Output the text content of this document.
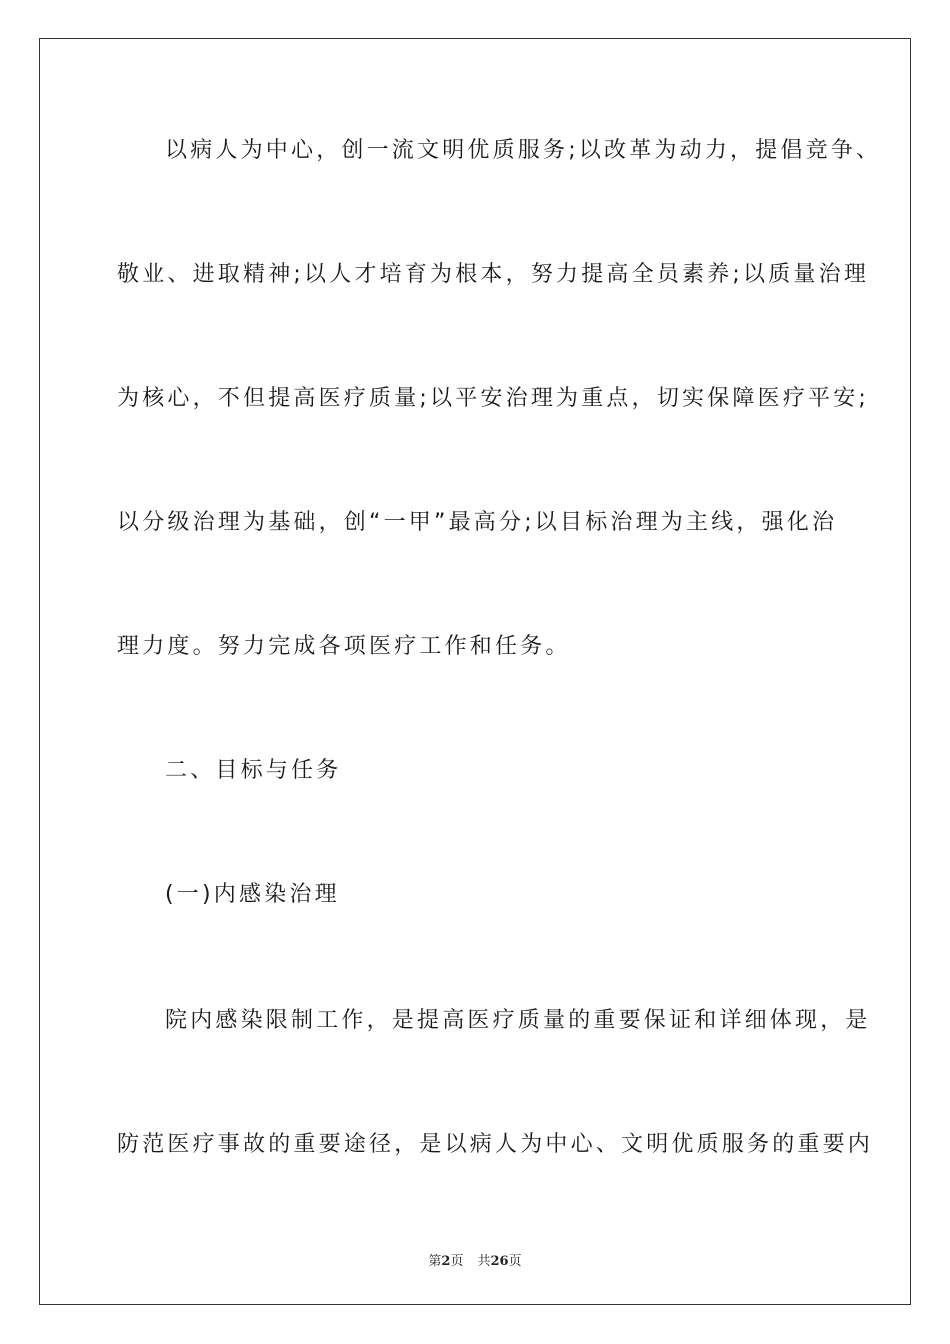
以病人为中心，创一流文明优质服务;以改革为动力，提倡竞争、
敬业、进取精神;以人才培育为根本，努力提高全员素养;以质量治理
为核心，不但提高医疗质量;以平安治理为重点，切实保障医疗平安;
以分级治理为基础，创“一甲”最高分;以目标治理为主线，强化治
理力度。努力完成各项医疗工作和任务。
二、目标与任务
(一)内感染治理
院内感染限制工作，是提高医疗质量的重要保证和详细体现，是
防范医疗事故的重要途径，是以病人为中心、文明优质服务的重要内
第2页 共26页
